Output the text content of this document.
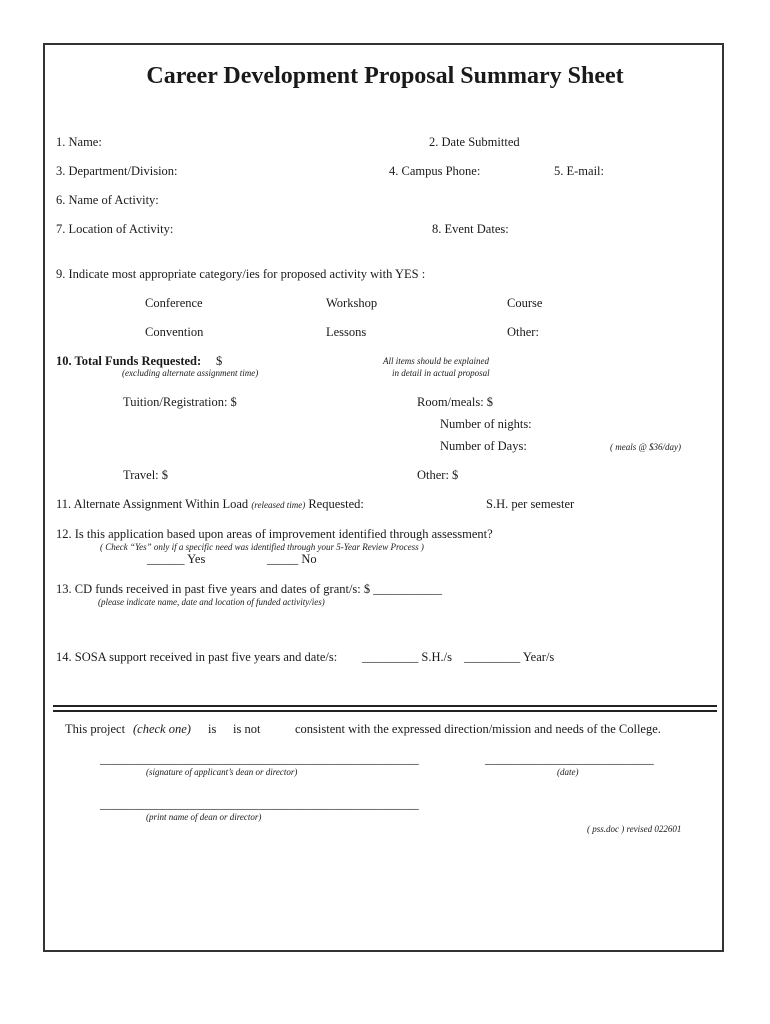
Career Development Proposal Summary Sheet
1. Name:	2. Date Submitted
3. Department/Division:	4. Campus Phone:	5. E-mail:
6. Name of Activity:
7. Location of Activity:	8. Event Dates:
9. Indicate most appropriate category/ies for proposed activity with YES :
Conference	Workshop	Course
Convention	Lessons	Other:
10. Total Funds Requested: $
(excluding alternate assignment time)
All items should be explained
in detail in actual proposal
Tuition/Registration: $	Room/meals: $
Number of nights:
Number of Days:	( meals @ $36/day)
Travel: $	Other: $
11. Alternate Assignment Within Load (released time) Requested:	S.H. per semester
12. Is this application based upon areas of improvement identified through assessment?
( Check “Yes” only if a specific need was identified through your 5-Year Review Process )
______ Yes	_____ No
13. CD funds received in past five years and dates of grant/s: $ ___________
(please indicate name, date and location of funded activity/ies)
14. SOSA support received in past five years and date/s: _________ S.H./s _________ Year/s
This project (check one) is is not	consistent with the expressed direction/mission and needs of the College.
___________________________________________________
(signature of applicant’s dean or director)
___________________________
(date)
___________________________________________________
(print name of dean or director)
( pss.doc ) revised 022601
